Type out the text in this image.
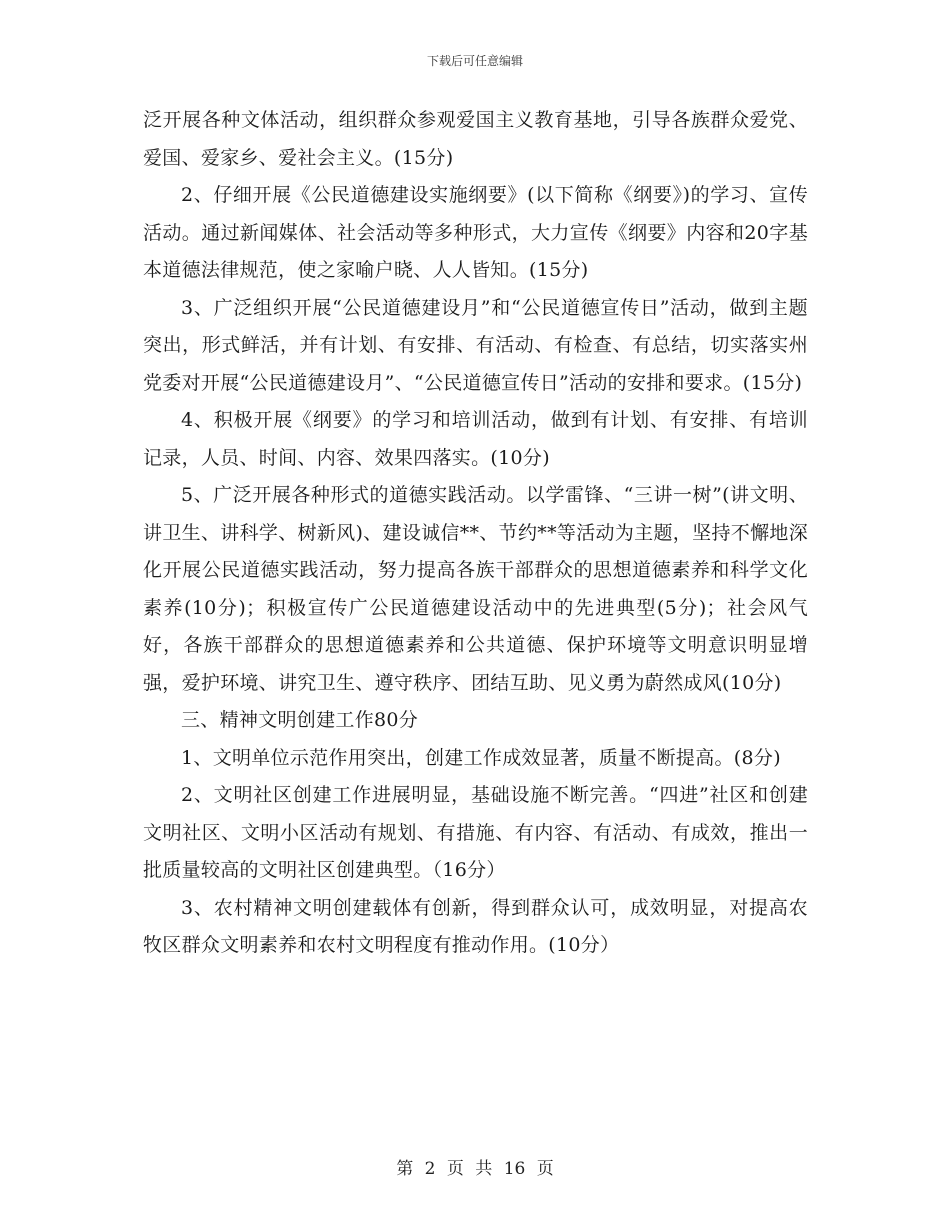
下载后可任意编辑

泛开展各种文体活动，组织群众参观爱国主义教育基地，引导各族群众爱党、爱国、爱家乡、爱社会主义。(15分)

2、仔细开展《公民道德建设实施纲要》(以下简称《纲要》)的学习、宣传活动。通过新闻媒体、社会活动等多种形式，大力宣传《纲要》内容和20字基本道德法律规范，使之家喻户晓、人人皆知。(15分)

3、广泛组织开展“公民道德建设月”和“公民道德宣传日”活动，做到主题突出，形式鲜活，并有计划、有安排、有活动、有检查、有总结，切实落实州党委对开展“公民道德建设月”、“公民道德宣传日”活动的安排和要求。(15分)

4、积极开展《纲要》的学习和培训活动，做到有计划、有安排、有培训记录，人员、时间、内容、效果四落实。(10分)

5、广泛开展各种形式的道德实践活动。以学雷锋、“三讲一树”(讲文明、讲卫生、讲科学、树新风)、建设诚信**、节约**等活动为主题，坚持不懈地深化开展公民道德实践活动，努力提高各族干部群众的思想道德素养和科学文化素养(10分)；积极宣传广公民道德建设活动中的先进典型(5分)；社会风气好，各族干部群众的思想道德素养和公共道德、保护环境等文明意识明显增强，爱护环境、讲究卫生、遵守秩序、团结互助、见义勇为蔚然成风(10分)

三、精神文明创建工作80分

1、文明单位示范作用突出，创建工作成效显著，质量不断提高。(8分)

2、文明社区创建工作进展明显，基础设施不断完善。“四进”社区和创建文明社区、文明小区活动有规划、有措施、有内容、有活动、有成效，推出一批质量较高的文明社区创建典型。（16分）

3、农村精神文明创建载体有创新，得到群众认可，成效明显，对提高农牧区群众文明素养和农村文明程度有推动作用。(10分）

第 2 页 共 16 页
